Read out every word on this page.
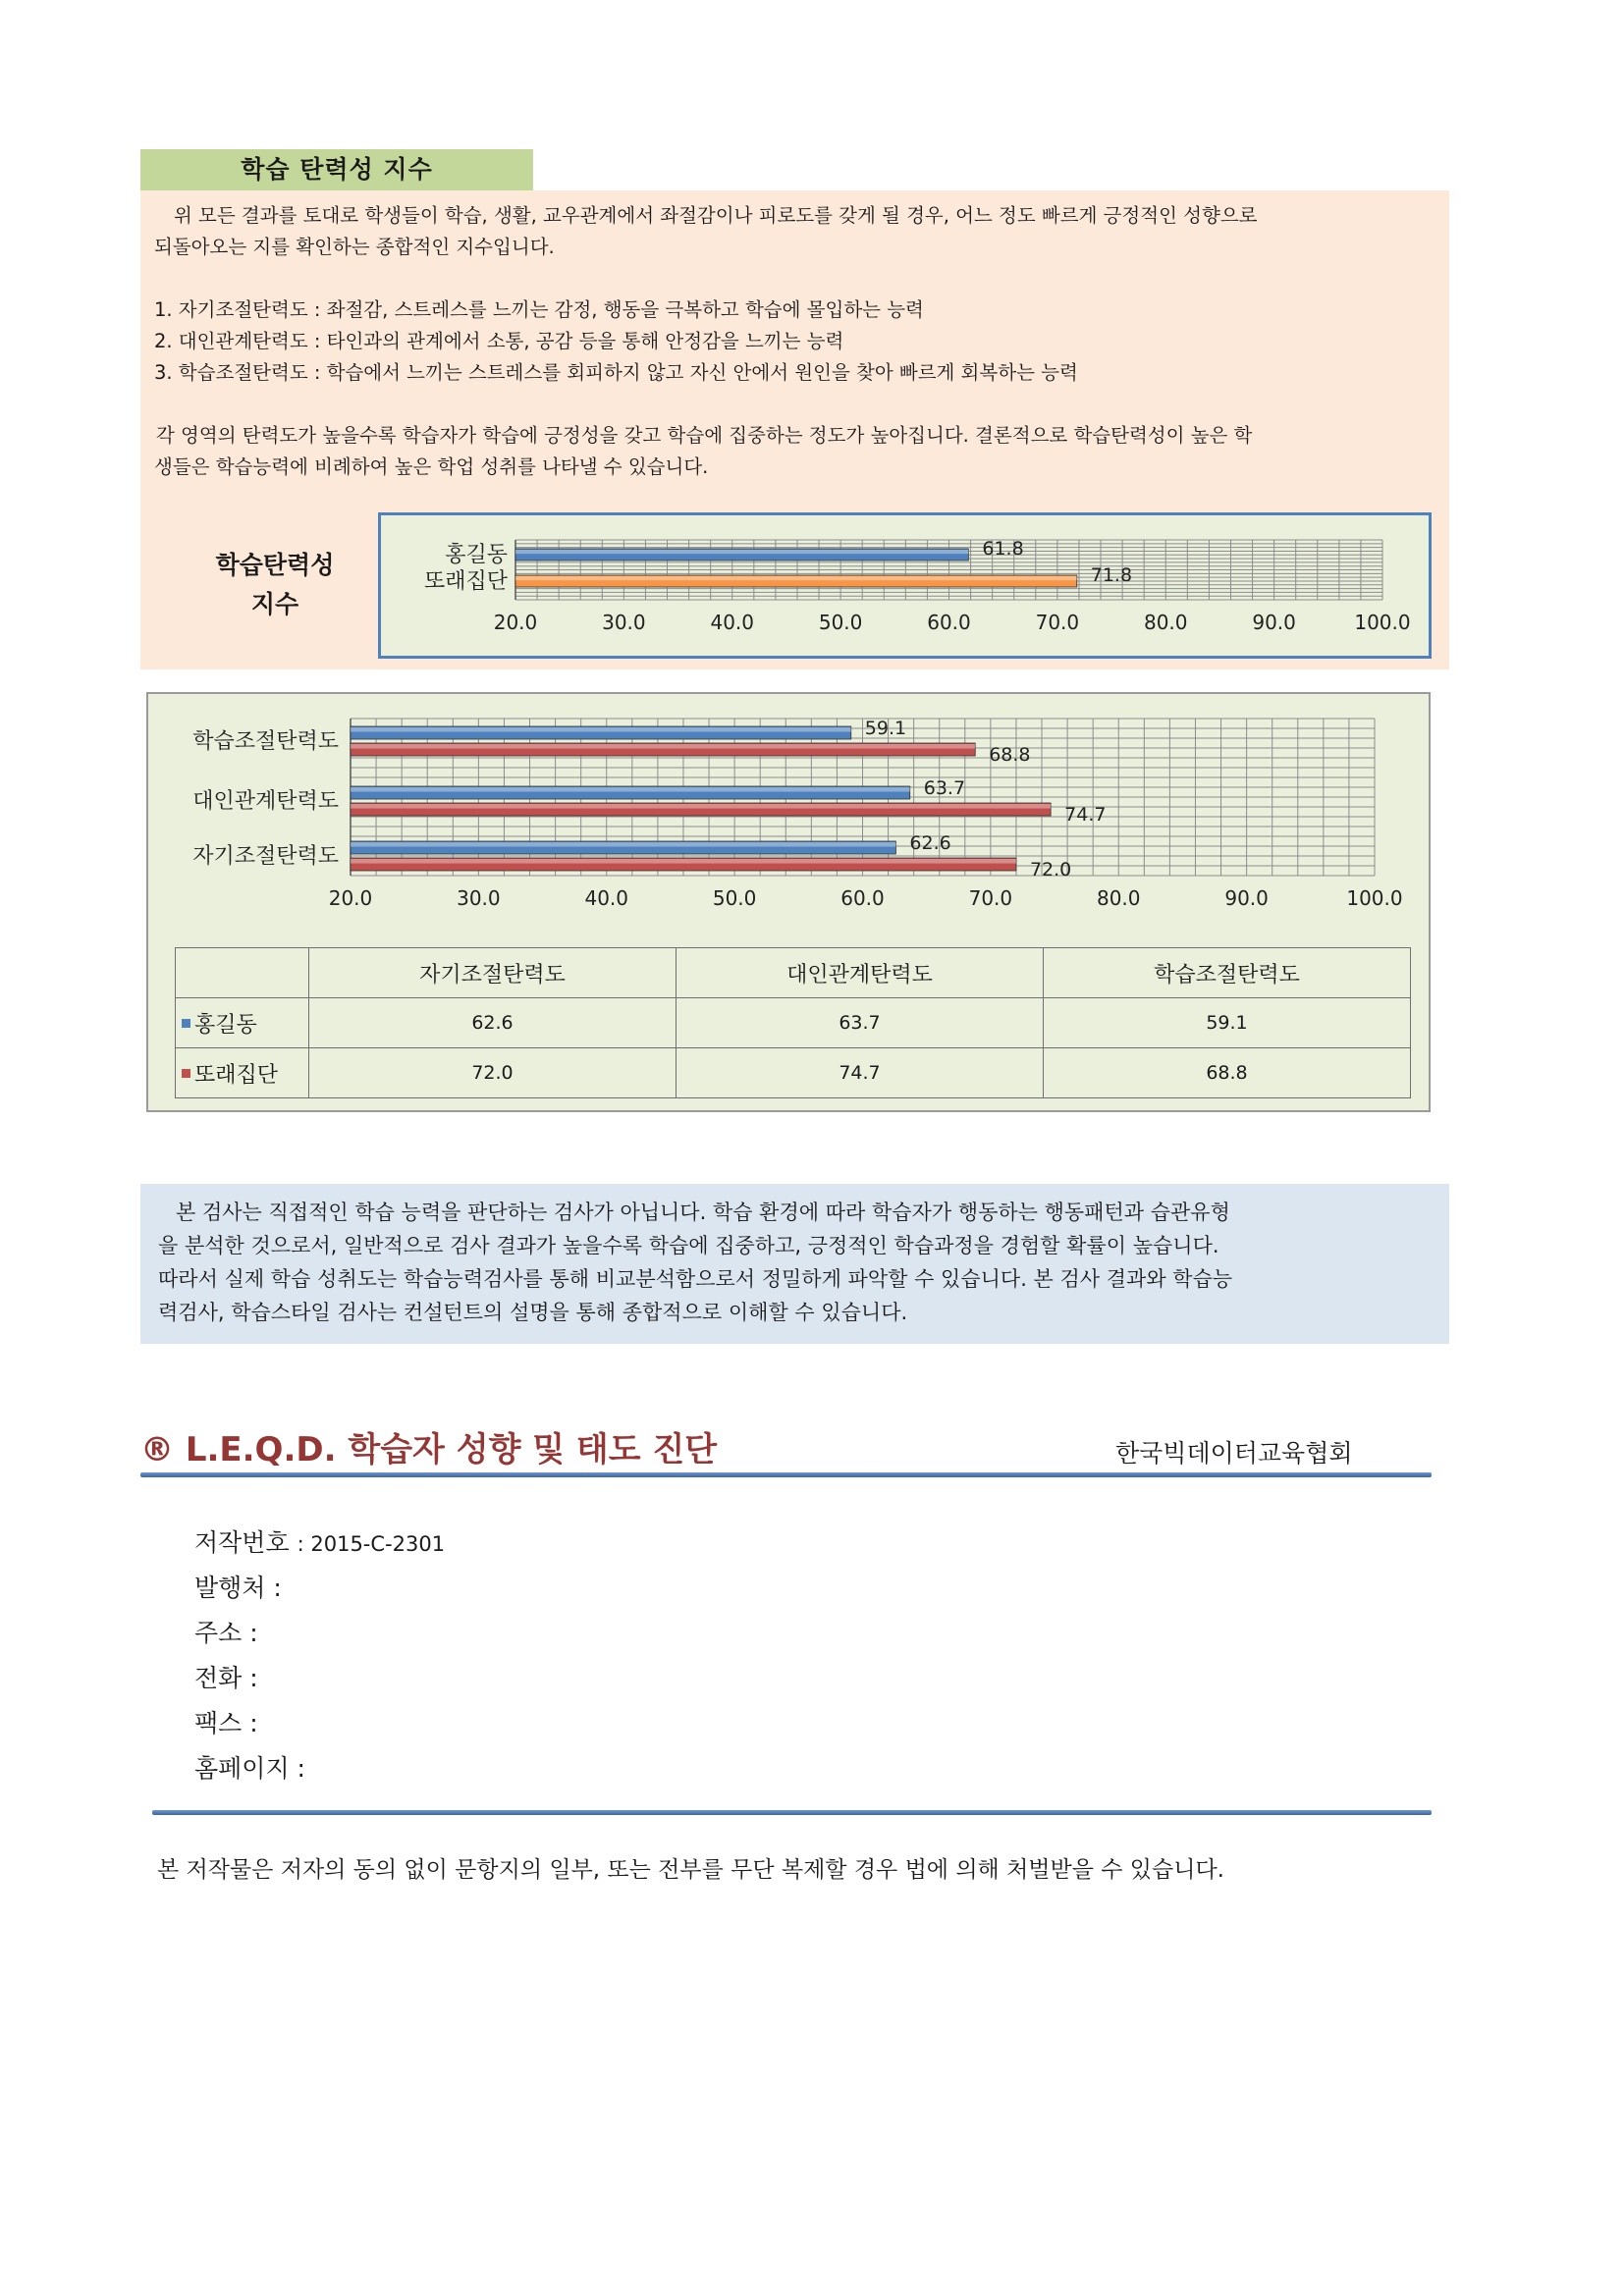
학습 탄력성 지수
위 모든 결과를 토대로 학생들이 학습, 생활, 교우관계에서 좌절감이나 피로도를 갖게 될 경우, 어느 정도 빠르게 긍정적인 성향으로
되돌아오는 지를 확인하는 종합적인 지수입니다.
1. 자기조절탄력도 : 좌절감, 스트레스를 느끼는 감정, 행동을 극복하고 학습에 몰입하는 능력
2. 대인관계탄력도 : 타인과의 관계에서 소통, 공감 등을 통해 안정감을 느끼는 능력
3. 학습조절탄력도 : 학습에서 느끼는 스트레스를 회피하지 않고 자신 안에서 원인을 찾아 빠르게 회복하는 능력
각 영역의 탄력도가 높을수록 학습자가 학습에 긍정성을 갖고 학습에 집중하는 정도가 높아집니다. 결론적으로 학습탄력성이 높은 학
생들은 학습능력에 비례하여 높은 학업 성취를 나타낼 수 있습니다.
학습탄력성
지수
20.0	30.0	40.0	50.0	60.0	70.0	80.0	90.0	100.0
홍길동	61.8
또래집단	71.8
20.0	30.0	40.0	50.0	60.0	70.0	80.0	90.0	100.0
자기조절탄력도
62.6
72.0
대인관계탄력도
63.7
74.7
학습조절탄력도
59.1
68.8
	자기조절탄력도	대인관계탄력도	학습조절탄력도
홍길동	62.6	63.7	59.1
또래집단	72.0	74.7	68.8
본 검사는 직접적인 학습 능력을 판단하는 검사가 아닙니다. 학습 환경에 따라 학습자가 행동하는 행동패턴과 습관유형
을 분석한 것으로서, 일반적으로 검사 결과가 높을수록 학습에 집중하고, 긍정적인 학습과정을 경험할 확률이 높습니다.
따라서 실제 학습 성취도는 학습능력검사를 통해 비교분석함으로서 정밀하게 파악할 수 있습니다. 본 검사 결과와 학습능
력검사, 학습스타일 검사는 컨설턴트의 설명을 통해 종합적으로 이해할 수 있습니다.
® L.E.Q.D. 학습자 성향 및 태도 진단	한국빅데이터교육협회
저작번호 : 2015-C-2301
발행처 :
주소 :
전화 :
팩스 :
홈페이지 :
본 저작물은 저자의 동의 없이 문항지의 일부, 또는 전부를 무단 복제할 경우 법에 의해 처벌받을 수 있습니다.
